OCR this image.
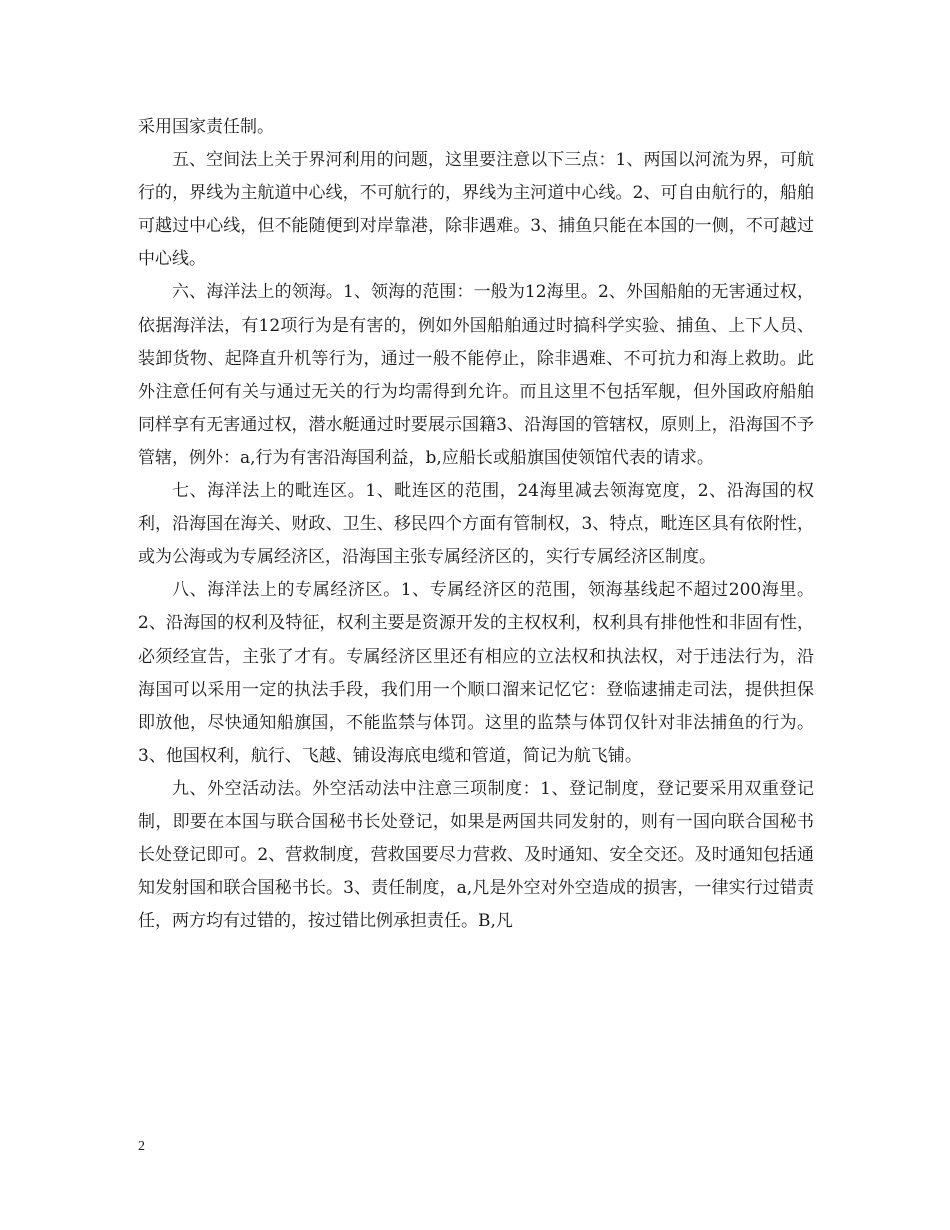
采用国家责任制。

五、空间法上关于界河利用的问题，这里要注意以下三点：1、两国以河流为界，可航行的，界线为主航道中心线，不可航行的，界线为主河道中心线。2、可自由航行的，船舶可越过中心线，但不能随便到对岸靠港，除非遇难。3、捕鱼只能在本国的一侧，不可越过中心线。

六、海洋法上的领海。1、领海的范围：一般为12海里。2、外国船舶的无害通过权，依据海洋法，有12项行为是有害的，例如外国船舶通过时搞科学实验、捕鱼、上下人员、装卸货物、起降直升机等行为，通过一般不能停止，除非遇难、不可抗力和海上救助。此外注意任何有关与通过无关的行为均需得到允许。而且这里不包括军舰，但外国政府船舶同样享有无害通过权，潜水艇通过时要展示国籍3、沿海国的管辖权，原则上，沿海国不予管辖，例外：a,行为有害沿海国利益，b,应船长或船旗国使领馆代表的请求。

七、海洋法上的毗连区。1、毗连区的范围，24海里减去领海宽度，2、沿海国的权利，沿海国在海关、财政、卫生、移民四个方面有管制权，3、特点，毗连区具有依附性，或为公海或为专属经济区，沿海国主张专属经济区的，实行专属经济区制度。

八、海洋法上的专属经济区。1、专属经济区的范围，领海基线起不超过200海里。2、沿海国的权利及特征，权利主要是资源开发的主权权利，权利具有排他性和非固有性，必须经宣告，主张了才有。专属经济区里还有相应的立法权和执法权，对于违法行为，沿海国可以采用一定的执法手段，我们用一个顺口溜来记忆它：登临逮捕走司法，提供担保即放他，尽快通知船旗国，不能监禁与体罚。这里的监禁与体罚仅针对非法捕鱼的行为。3、他国权利，航行、飞越、铺设海底电缆和管道，简记为航飞铺。

九、外空活动法。外空活动法中注意三项制度：1、登记制度，登记要采用双重登记制，即要在本国与联合国秘书长处登记，如果是两国共同发射的，则有一国向联合国秘书长处登记即可。2、营救制度，营救国要尽力营救、及时通知、安全交还。及时通知包括通知发射国和联合国秘书长。3、责任制度，a,凡是外空对外空造成的损害，一律实行过错责任，两方均有过错的，按过错比例承担责任。B,凡

2
